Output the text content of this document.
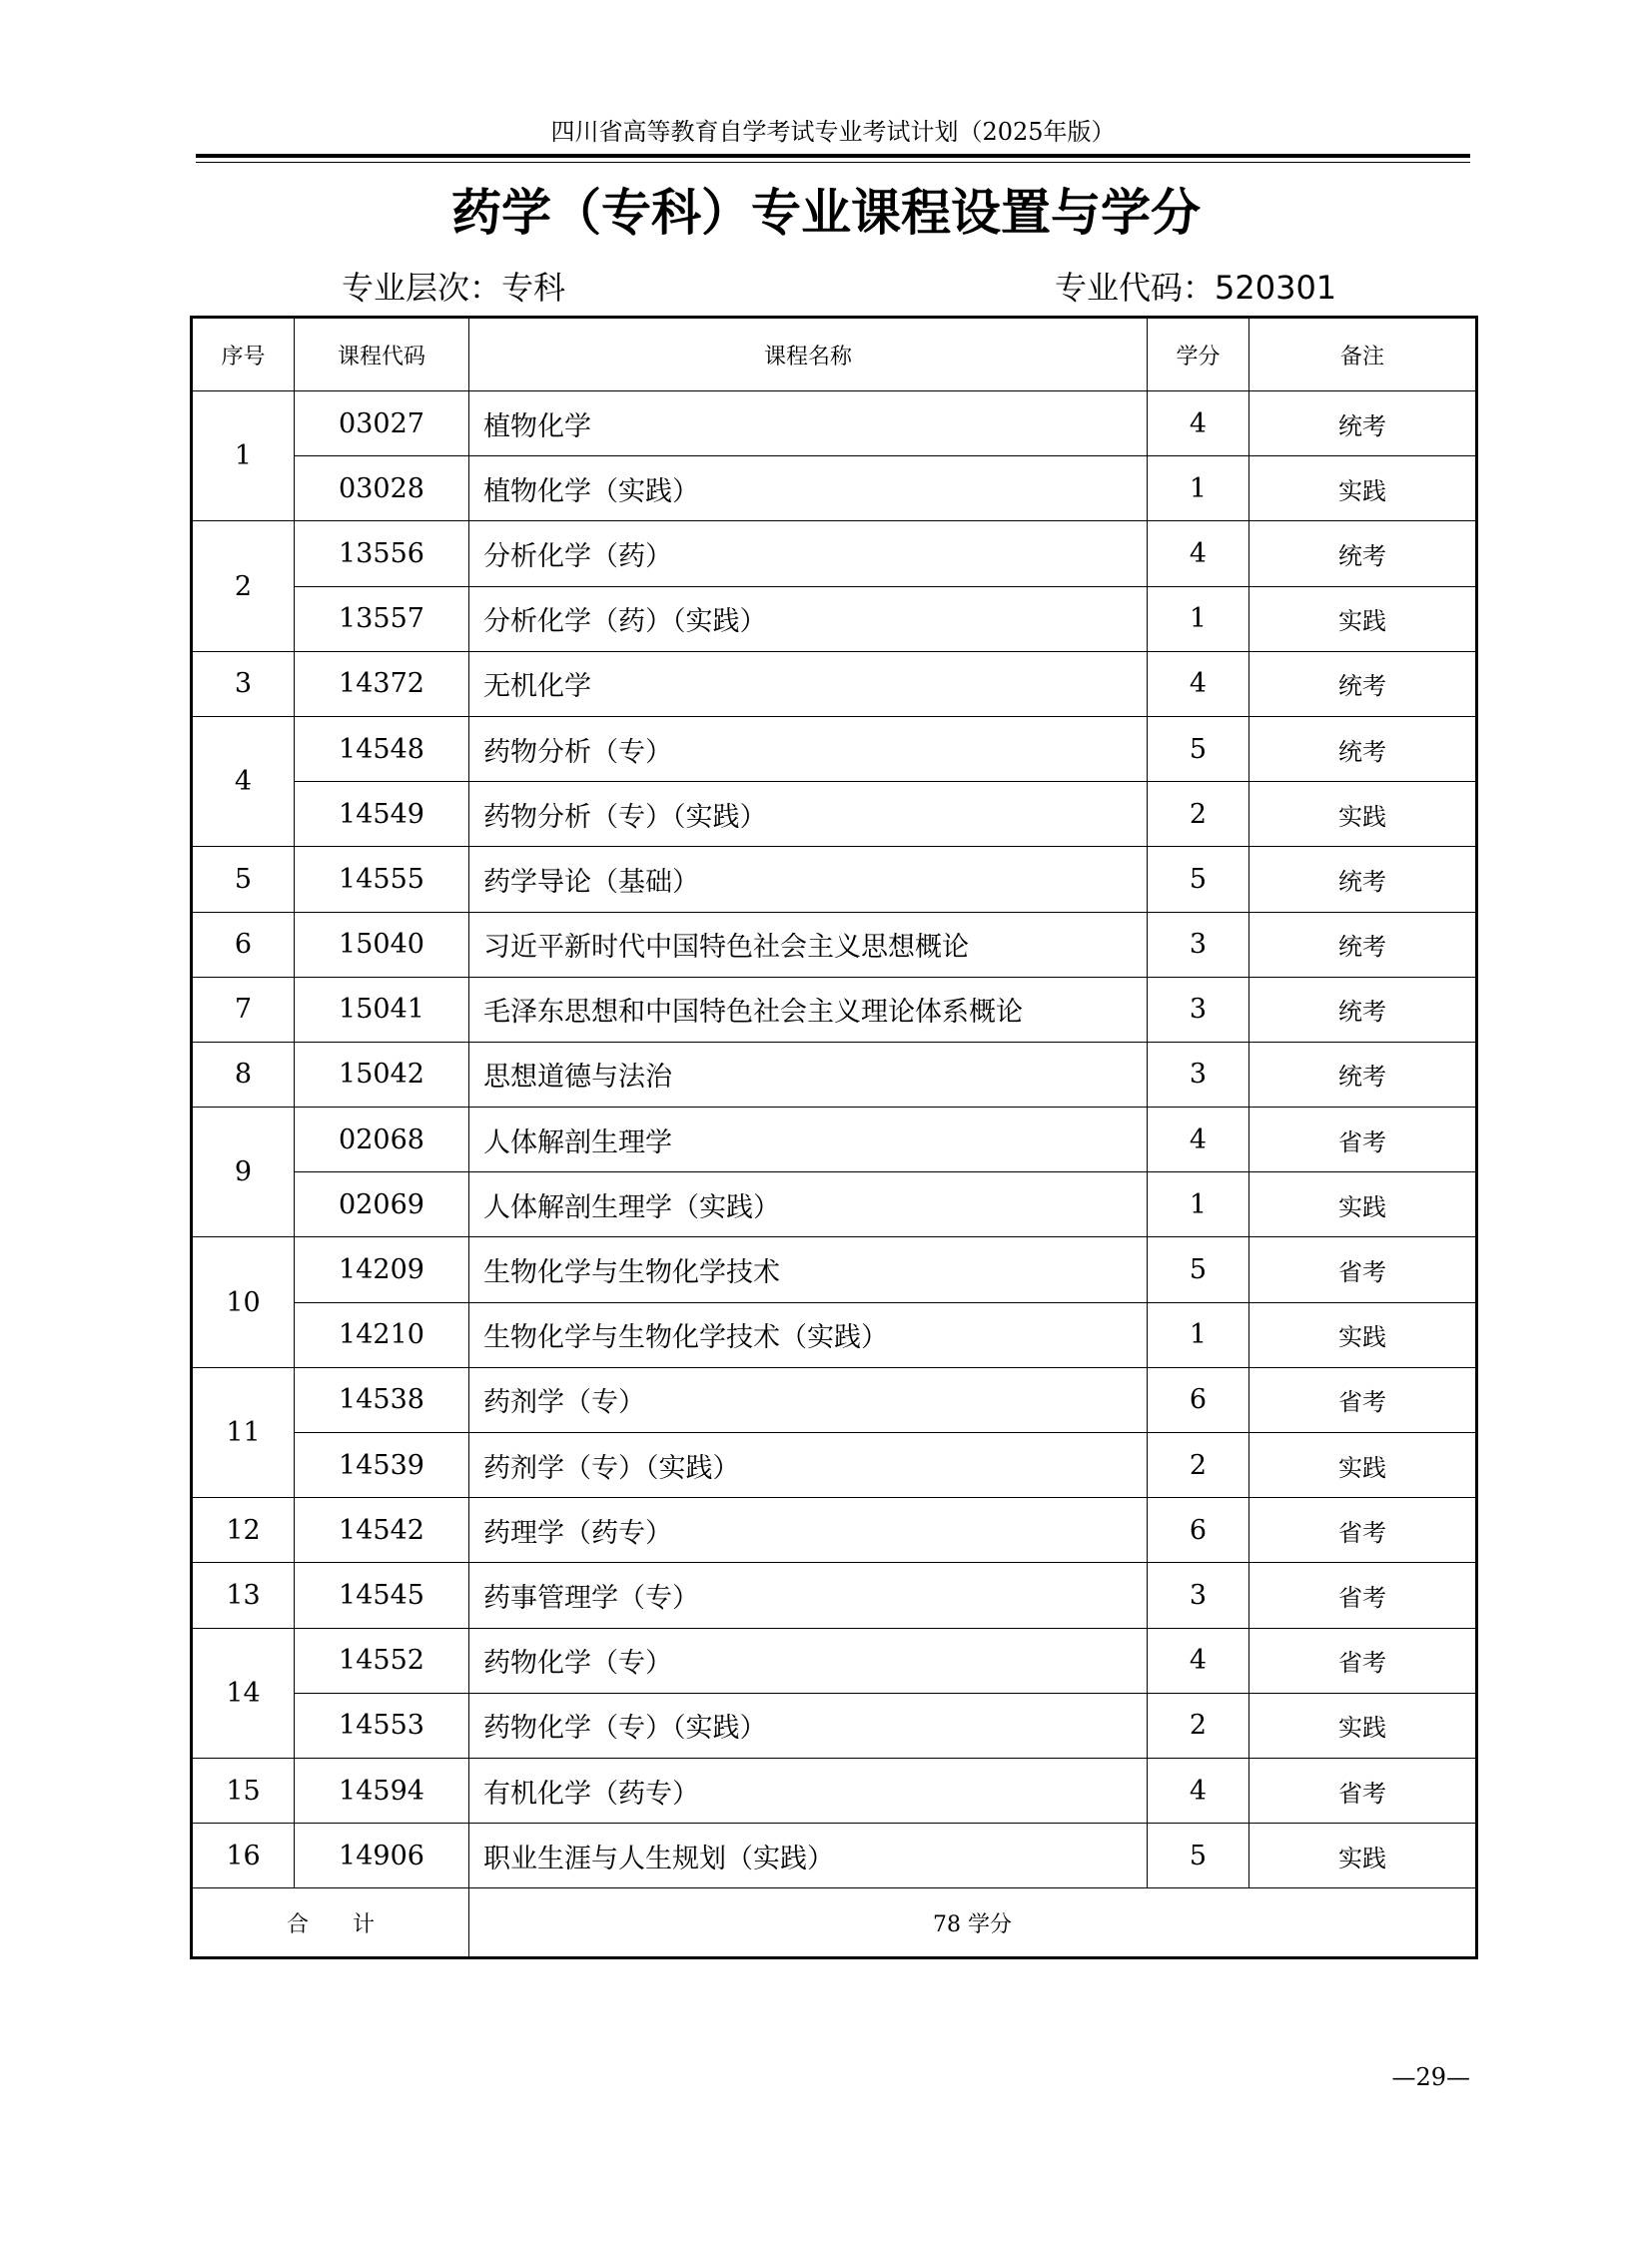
四川省高等教育自学考试专业考试计划（2025年版）
药学（专科）专业课程设置与学分
专业层次：专科	专业代码：520301
序号	课程代码	课程名称	学分	备注
1	03027	植物化学	4	统考
	03028	植物化学（实践）	1	实践
2	13556	分析化学（药）	4	统考
	13557	分析化学（药）（实践）	1	实践
3	14372	无机化学	4	统考
4	14548	药物分析（专）	5	统考
	14549	药物分析（专）（实践）	2	实践
5	14555	药学导论（基础）	5	统考
6	15040	习近平新时代中国特色社会主义思想概论	3	统考
7	15041	毛泽东思想和中国特色社会主义理论体系概论	3	统考
8	15042	思想道德与法治	3	统考
9	02068	人体解剖生理学	4	省考
	02069	人体解剖生理学（实践）	1	实践
10	14209	生物化学与生物化学技术	5	省考
	14210	生物化学与生物化学技术（实践）	1	实践
11	14538	药剂学（专）	6	省考
	14539	药剂学（专）（实践）	2	实践
12	14542	药理学（药专）	6	省考
13	14545	药事管理学（专）	3	省考
14	14552	药物化学（专）	4	省考
	14553	药物化学（专）（实践）	2	实践
15	14594	有机化学（药专）	4	省考
16	14906	职业生涯与人生规划（实践）	5	实践
合　　计		78 学分		
—29—
